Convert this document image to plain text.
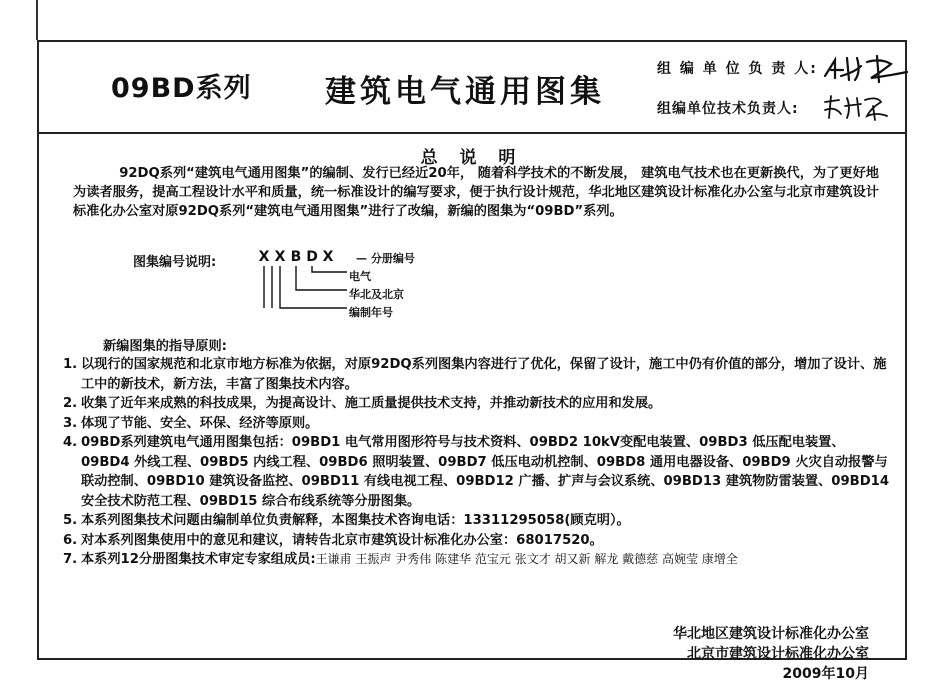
09BD系列 建筑电气通用图集
组 编 单 位 负 责 人:
组编单位技术负责人:
总 说 明

92DQ系列“建筑电气通用图集”的编制、发行已经近20年， 随着科学技术的不断发展， 建筑电气技术也在更新换代，为了更好地为读者服务，提高工程设计水平和质量，统一标准设计的编写要求，便于执行设计规范，华北地区建筑设计标准化办公室与北京市建筑设计标准化办公室对原92DQ系列“建筑电气通用图集”进行了改编，新编的图集为“09BD”系列。

图集编号说明:	X X B D X — 分册编号
电气
华北及北京
编制年号
新编图集的指导原则:
1. 以现行的国家规范和北京市地方标准为依据，对原92DQ系列图集内容进行了优化，保留了设计，施工中仍有价值的部分，增加了设计、施工中的新技术，新方法，丰富了图集技术内容。
2. 收集了近年来成熟的科技成果，为提高设计、施工质量提供技术支持，并推动新技术的应用和发展。
3. 体现了节能、安全、环保、经济等原则。
4. 09BD系列建筑电气通用图集包括：09BD1 电气常用图形符号与技术资料、09BD2 10kV变配电装置、09BD3 低压配电装置、09BD4 外线工程、09BD5 内线工程、09BD6 照明装置、09BD7 低压电动机控制、09BD8 通用电器设备、09BD9 火灾自动报警与联动控制、09BD10 建筑设备监控、09BD11 有线电视工程、09BD12 广播、扩声与会议系统、09BD13 建筑物防雷装置、09BD14 安全技术防范工程、09BD15 综合布线系统等分册图集。
5. 本系列图集技术问题由编制单位负责解释，本图集技术咨询电话：13311295058(顾克明）。
6. 对本系列图集使用中的意见和建议，请转告北京市建筑设计标准化办公室：68017520。
7. 本系列12分册图集技术审定专家组成员:王谦甫 王振声 尹秀伟 陈建华 范宝元 张文才 胡又新 解龙 戴德慈 高婉莹 康增全
华北地区建筑设计标准化办公室
北京市建筑设计标准化办公室
2009年10月
